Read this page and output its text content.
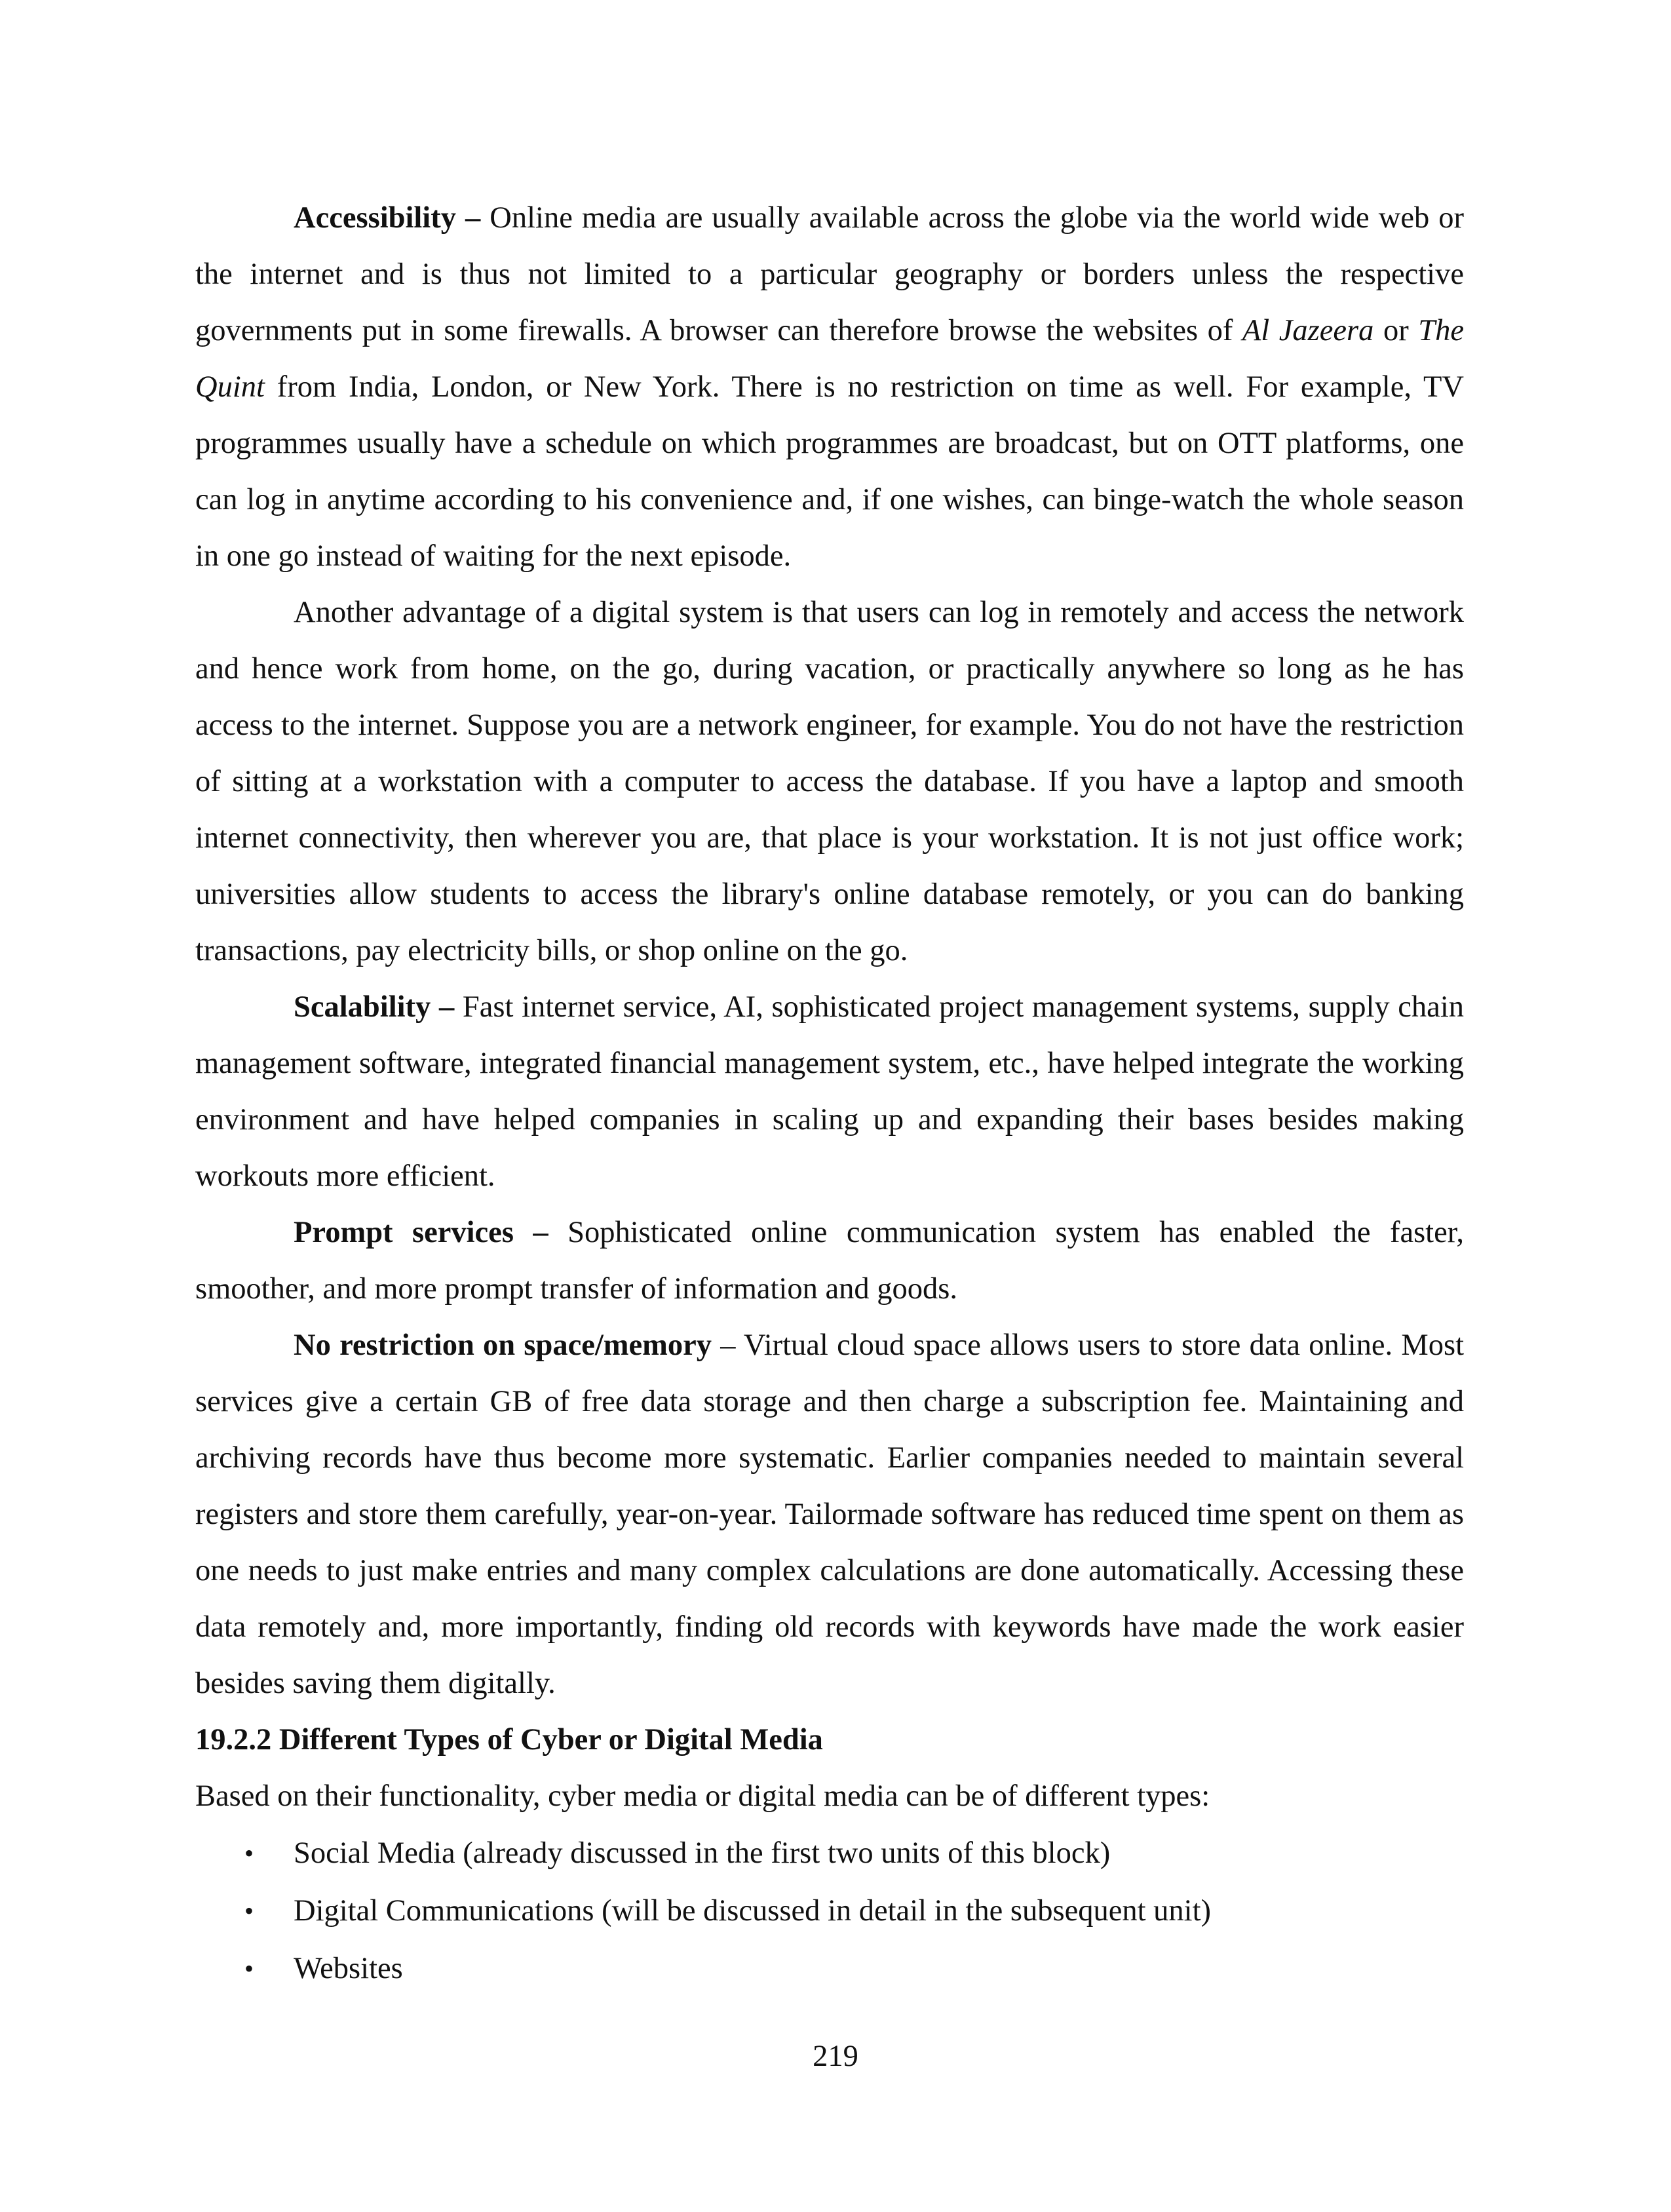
Accessibility – Online media are usually available across the globe via the world wide web or the internet and is thus not limited to a particular geography or borders unless the respective governments put in some firewalls. A browser can therefore browse the websites of Al Jazeera or The Quint from India, London, or New York. There is no restriction on time as well. For example, TV programmes usually have a schedule on which programmes are broadcast, but on OTT platforms, one can log in anytime according to his convenience and, if one wishes, can binge-watch the whole season in one go instead of waiting for the next episode.

Another advantage of a digital system is that users can log in remotely and access the network and hence work from home, on the go, during vacation, or practically anywhere so long as he has access to the internet. Suppose you are a network engineer, for example. You do not have the restriction of sitting at a workstation with a computer to access the database. If you have a laptop and smooth internet connectivity, then wherever you are, that place is your workstation. It is not just office work; universities allow students to access the library's online database remotely, or you can do banking transactions, pay electricity bills, or shop online on the go.

Scalability – Fast internet service, AI, sophisticated project management systems, supply chain management software, integrated financial management system, etc., have helped integrate the working environment and have helped companies in scaling up and expanding their bases besides making workouts more efficient.

Prompt services – Sophisticated online communication system has enabled the faster, smoother, and more prompt transfer of information and goods.

No restriction on space/memory – Virtual cloud space allows users to store data online. Most services give a certain GB of free data storage and then charge a subscription fee. Maintaining and archiving records have thus become more systematic. Earlier companies needed to maintain several registers and store them carefully, year-on-year. Tailormade software has reduced time spent on them as one needs to just make entries and many complex calculations are done automatically. Accessing these data remotely and, more importantly, finding old records with keywords have made the work easier besides saving them digitally.

19.2.2 Different Types of Cyber or Digital Media

Based on their functionality, cyber media or digital media can be of different types:

• Social Media (already discussed in the first two units of this block)
• Digital Communications (will be discussed in detail in the subsequent unit)
• Websites
219
